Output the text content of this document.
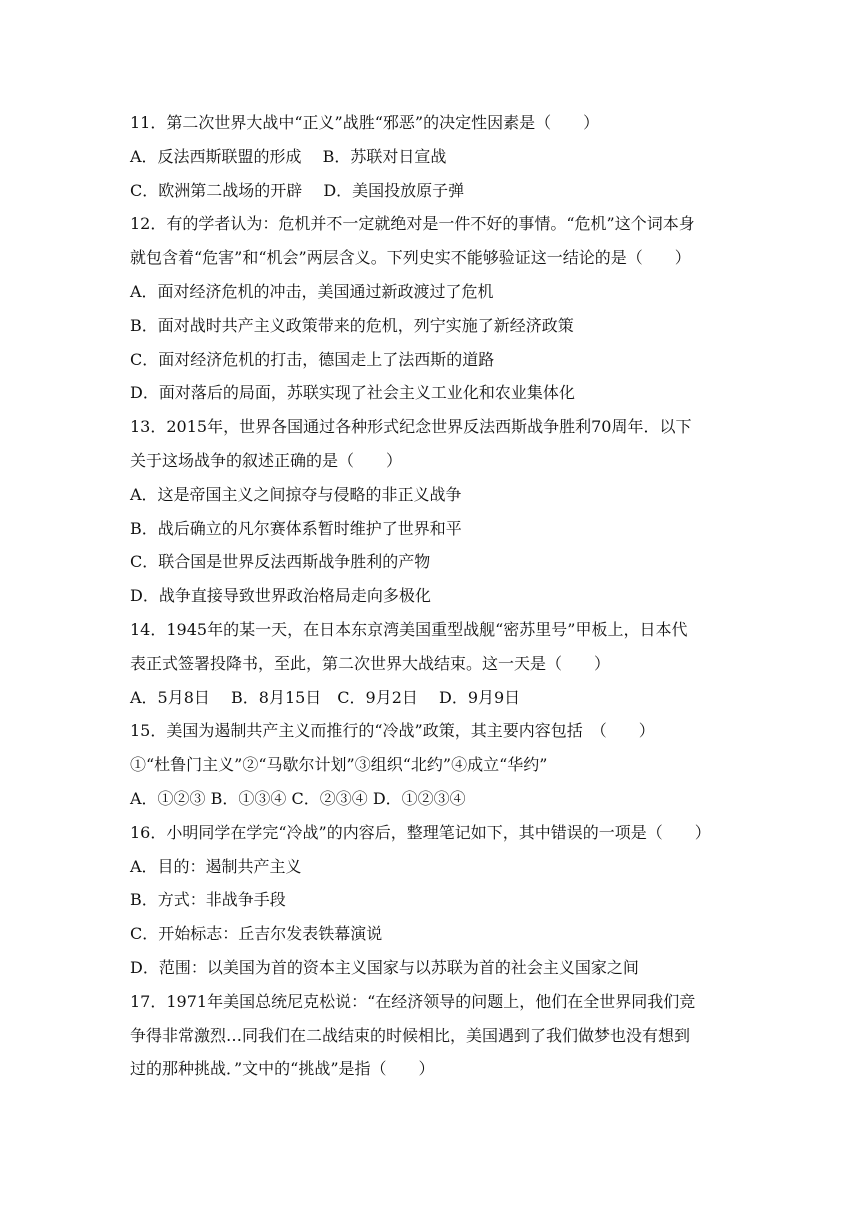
11．第二次世界大战中“正义”战胜“邪恶”的决定性因素是（　　）
A．反法西斯联盟的形成　 B．苏联对日宣战
C．欧洲第二战场的开辟　 D．美国投放原子弹
12．有的学者认为：危机并不一定就绝对是一件不好的事情。“危机”这个词本身
就包含着“危害”和“机会”两层含义。下列史实不能够验证这一结论的是（　　）
A．面对经济危机的冲击，美国通过新政渡过了危机
B．面对战时共产主义政策带来的危机，列宁实施了新经济政策
C．面对经济危机的打击，德国走上了法西斯的道路
D．面对落后的局面，苏联实现了社会主义工业化和农业集体化
13．2015年，世界各国通过各种形式纪念世界反法西斯战争胜利70周年．以下
关于这场战争的叙述正确的是（　　）
A．这是帝国主义之间掠夺与侵略的非正义战争
B．战后确立的凡尔赛体系暂时维护了世界和平
C．联合国是世界反法西斯战争胜利的产物
D．战争直接导致世界政治格局走向多极化
14．1945年的某一天，在日本东京湾美国重型战舰“密苏里号”甲板上，日本代
表正式签署投降书，至此，第二次世界大战结束。这一天是（　　）
A．5月8日　 B．8月15日　C．9月2日　 D．9月9日
15．美国为遏制共产主义而推行的“冷战”政策，其主要内容包括　（　　）
①“杜鲁门主义”②“马歇尔计划”③组织“北约”④成立“华约”
A．①②③ B．①③④ C．②③④ D．①②③④
16．小明同学在学完“冷战”的内容后，整理笔记如下，其中错误的一项是（　　）
A．目的：遏制共产主义
B．方式：非战争手段
C．开始标志：丘吉尔发表铁幕演说
D．范围：以美国为首的资本主义国家与以苏联为首的社会主义国家之间
17．1971年美国总统尼克松说：“在经济领导的问题上，他们在全世界同我们竞
争得非常激烈…同我们在二战结束的时候相比，美国遇到了我们做梦也没有想到
过的那种挑战．”文中的“挑战”是指（　　）
